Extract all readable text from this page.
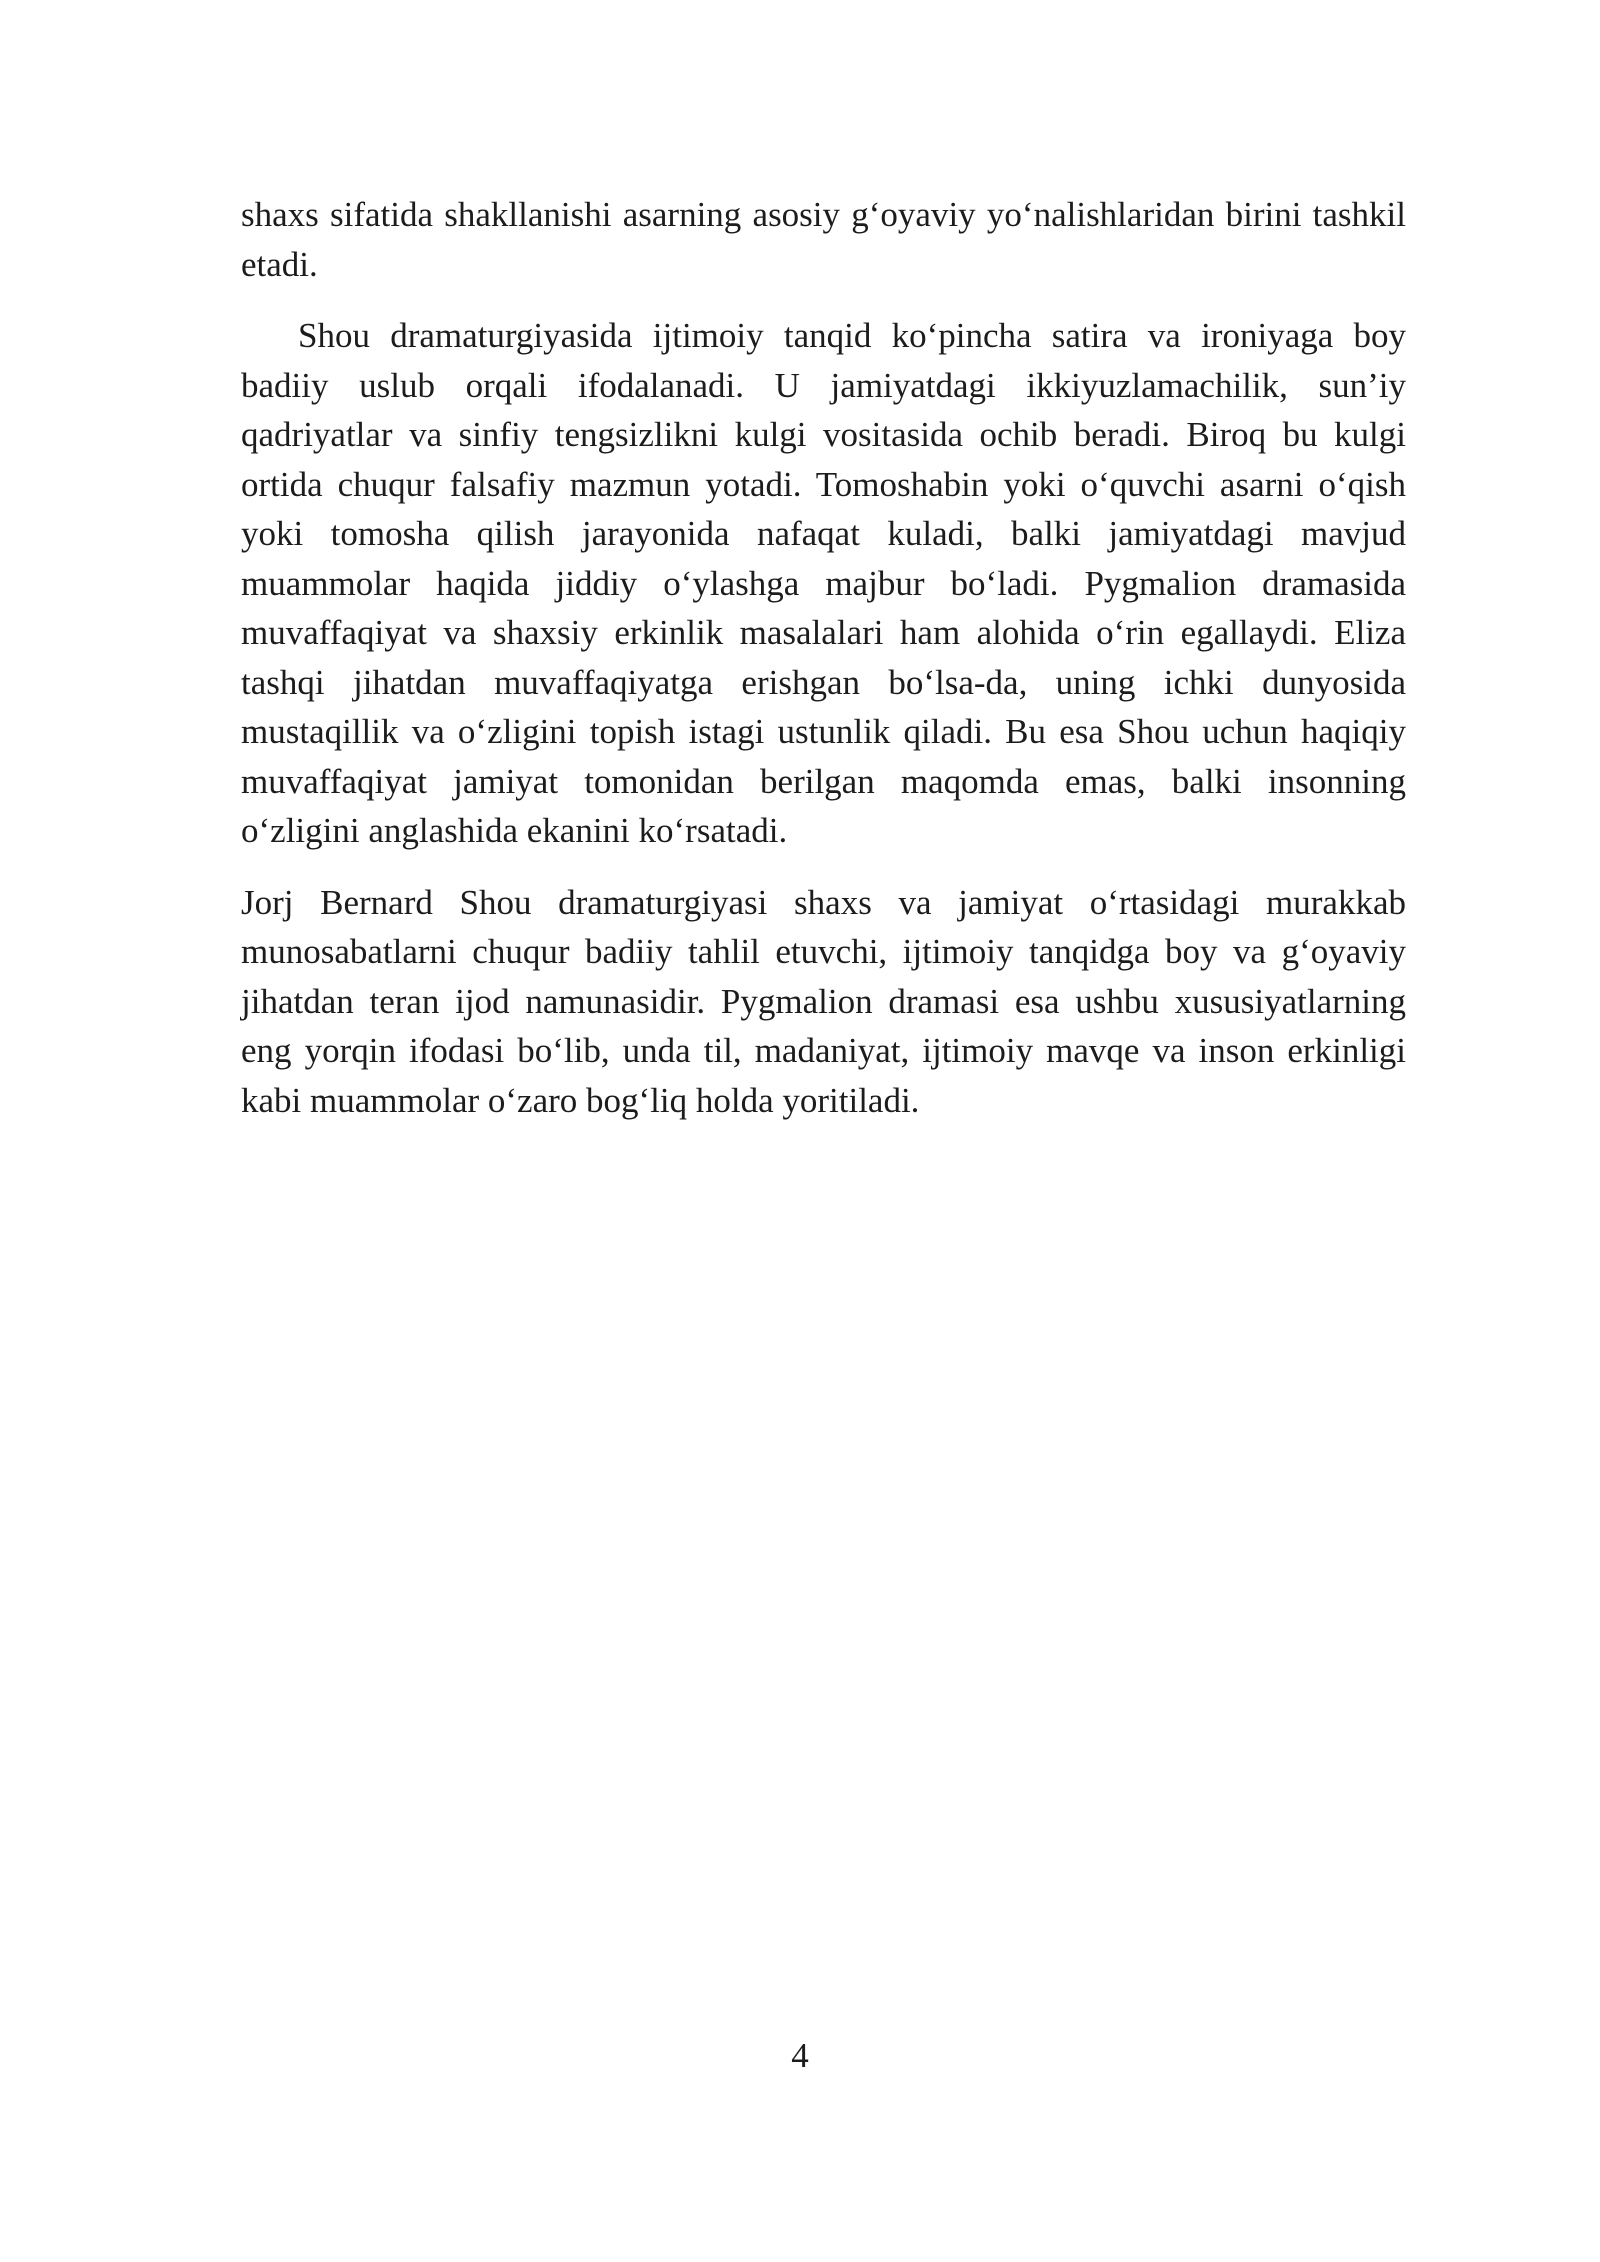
shaxs sifatida shakllanishi asarning asosiy g‘oyaviy yo‘nalishlaridan birini tashkil etadi.

Shou dramaturgiyasida ijtimoiy tanqid ko‘pincha satira va ironiyaga boy badiiy uslub orqali ifodalanadi. U jamiyatdagi ikkiyuzlamachilik, sun’iy qadriyatlar va sinfiy tengsizlikni kulgi vositasida ochib beradi. Biroq bu kulgi ortida chuqur falsafiy mazmun yotadi. Tomoshabin yoki o‘quvchi asarni o‘qish yoki tomosha qilish jarayonida nafaqat kuladi, balki jamiyatdagi mavjud muammolar haqida jiddiy o‘ylashga majbur bo‘ladi. Pygmalion dramasida muvaffaqiyat va shaxsiy erkinlik masalalari ham alohida o‘rin egallaydi. Eliza tashqi jihatdan muvaffaqiyatga erishgan bo‘lsa-da, uning ichki dunyosida mustaqillik va o‘zligini topish istagi ustunlik qiladi. Bu esa Shou uchun haqiqiy muvaffaqiyat jamiyat tomonidan berilgan maqomda emas, balki insonning o‘zligini anglashida ekanini ko‘rsatadi.

Jorj Bernard Shou dramaturgiyasi shaxs va jamiyat o‘rtasidagi murakkab munosabatlarni chuqur badiiy tahlil etuvchi, ijtimoiy tanqidga boy va g‘oyaviy jihatdan teran ijod namunasidir. Pygmalion dramasi esa ushbu xususiyatlarning eng yorqin ifodasi bo‘lib, unda til, madaniyat, ijtimoiy mavqe va inson erkinligi kabi muammolar o‘zaro bog‘liq holda yoritiladi.

4
